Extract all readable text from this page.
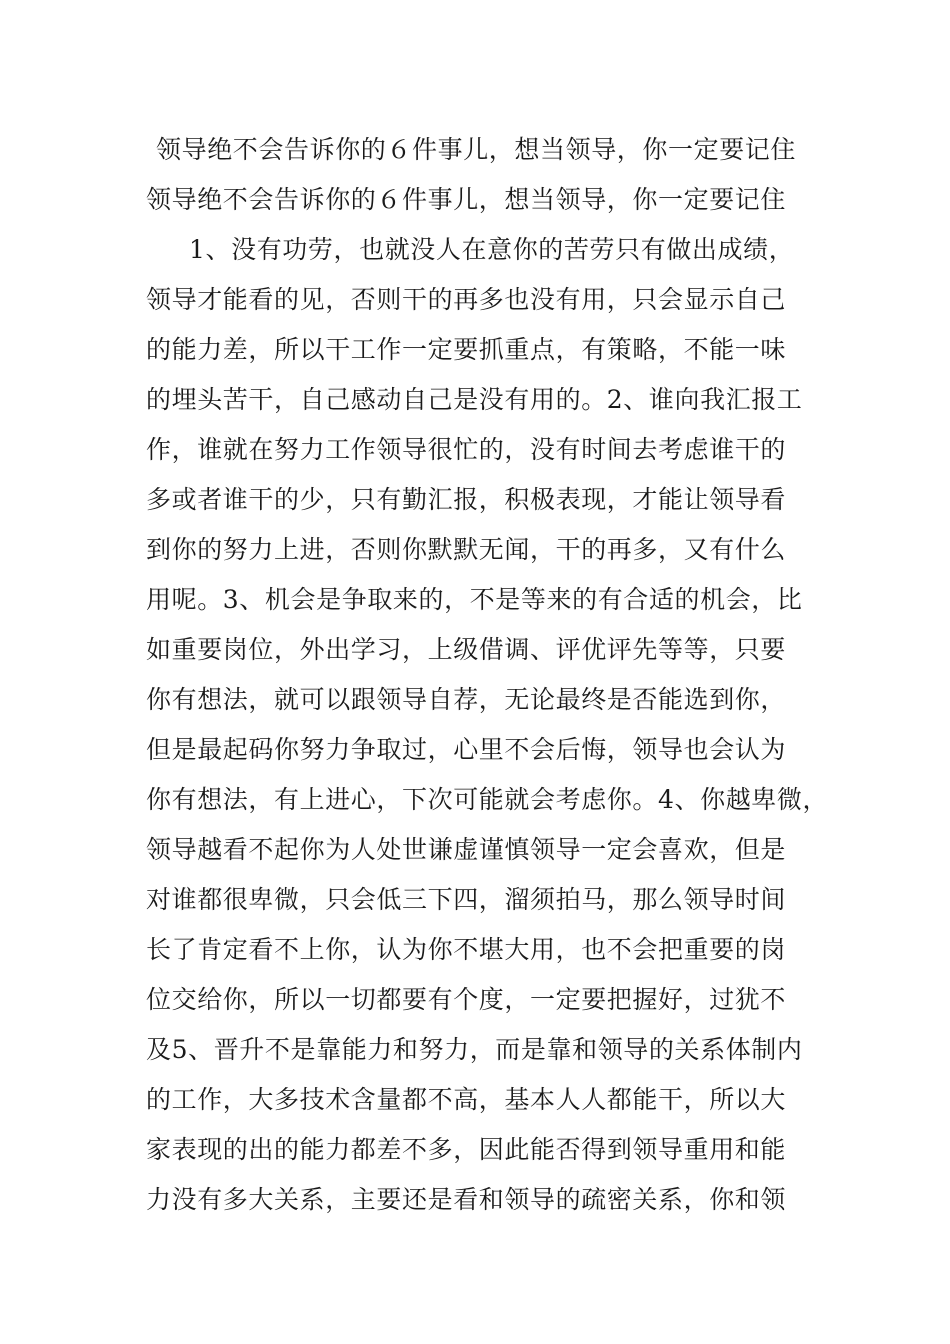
领导绝不会告诉你的６件事儿，想当领导，你一定要记住

领导绝不会告诉你的６件事儿，想当领导，你一定要记住

1、没有功劳，也就没人在意你的苦劳只有做出成绩，

领导才能看的见，否则干的再多也没有用，只会显示自己

的能力差，所以干工作一定要抓重点，有策略，不能一味

的埋头苦干，自己感动自己是没有用的。2、谁向我汇报工

作，谁就在努力工作领导很忙的，没有时间去考虑谁干的

多或者谁干的少，只有勤汇报，积极表现，才能让领导看

到你的努力上进，否则你默默无闻，干的再多，又有什么

用呢。3、机会是争取来的，不是等来的有合适的机会，比

如重要岗位，外出学习，上级借调、评优评先等等，只要

你有想法，就可以跟领导自荐，无论最终是否能选到你，

但是最起码你努力争取过，心里不会后悔，领导也会认为

你有想法，有上进心，下次可能就会考虑你。4、你越卑微，

领导越看不起你为人处世谦虚谨慎领导一定会喜欢，但是

对谁都很卑微，只会低三下四，溜须拍马，那么领导时间

长了肯定看不上你，认为你不堪大用，也不会把重要的岗

位交给你，所以一切都要有个度，一定要把握好，过犹不

及5、晋升不是靠能力和努力，而是靠和领导的关系体制内

的工作，大多技术含量都不高，基本人人都能干，所以大

家表现的出的能力都差不多，因此能否得到领导重用和能

力没有多大关系，主要还是看和领导的疏密关系，你和领
